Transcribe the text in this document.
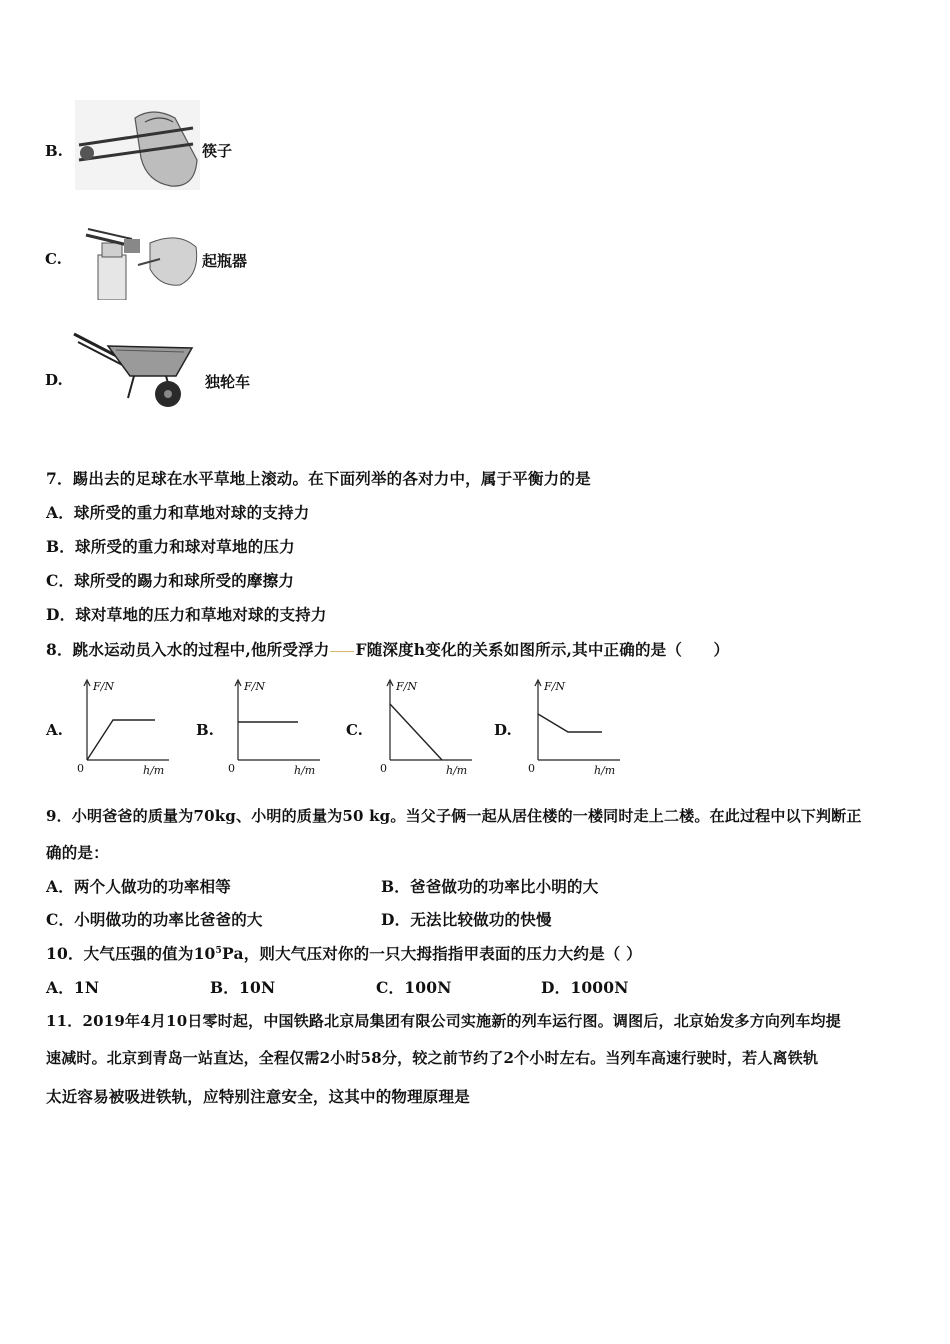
B.	筷子
C.	起瓶器
D.	独轮车
7．踢出去的足球在水平草地上滚动。在下面列举的各对力中，属于平衡力的是
A．球所受的重力和草地对球的支持力
B．球所受的重力和球对草地的压力
C．球所受的踢力和球所受的摩擦力
D．球对草地的压力和草地对球的支持力
8．跳水运动员入水的过程中,他所受浮力 F随深度h变化的关系如图所示,其中正确的是（　　）
A.
F/N
h/m
0
B.
F/N
h/m
0
C.
F/N
h/m
0
D.
F/N
h/m
0
9．小明爸爸的质量为70kg、小明的质量为50 kg。当父子俩一起从居住楼的一楼同时走上二楼。在此过程中以下判断正
确的是：
A．两个人做功的功率相等	B．爸爸做功的功率比小明的大
C．小明做功的功率比爸爸的大	D．无法比较做功的快慢
10．大气压强的值为$10^5Pa$，则大气压对你的一只大拇指指甲表面的压力大约是（ ）
A．1N	B．10N	C．100N	D．1000N
11．2019年4月10日零时起，中国铁路北京局集团有限公司实施新的列车运行图。调图后，北京始发多方向列车均提
速减时。北京到青岛一站直达，全程仅需2小时58分，较之前节约了2个小时左右。当列车高速行驶时，若人离铁轨
太近容易被吸进铁轨，应特别注意安全，这其中的物理原理是
